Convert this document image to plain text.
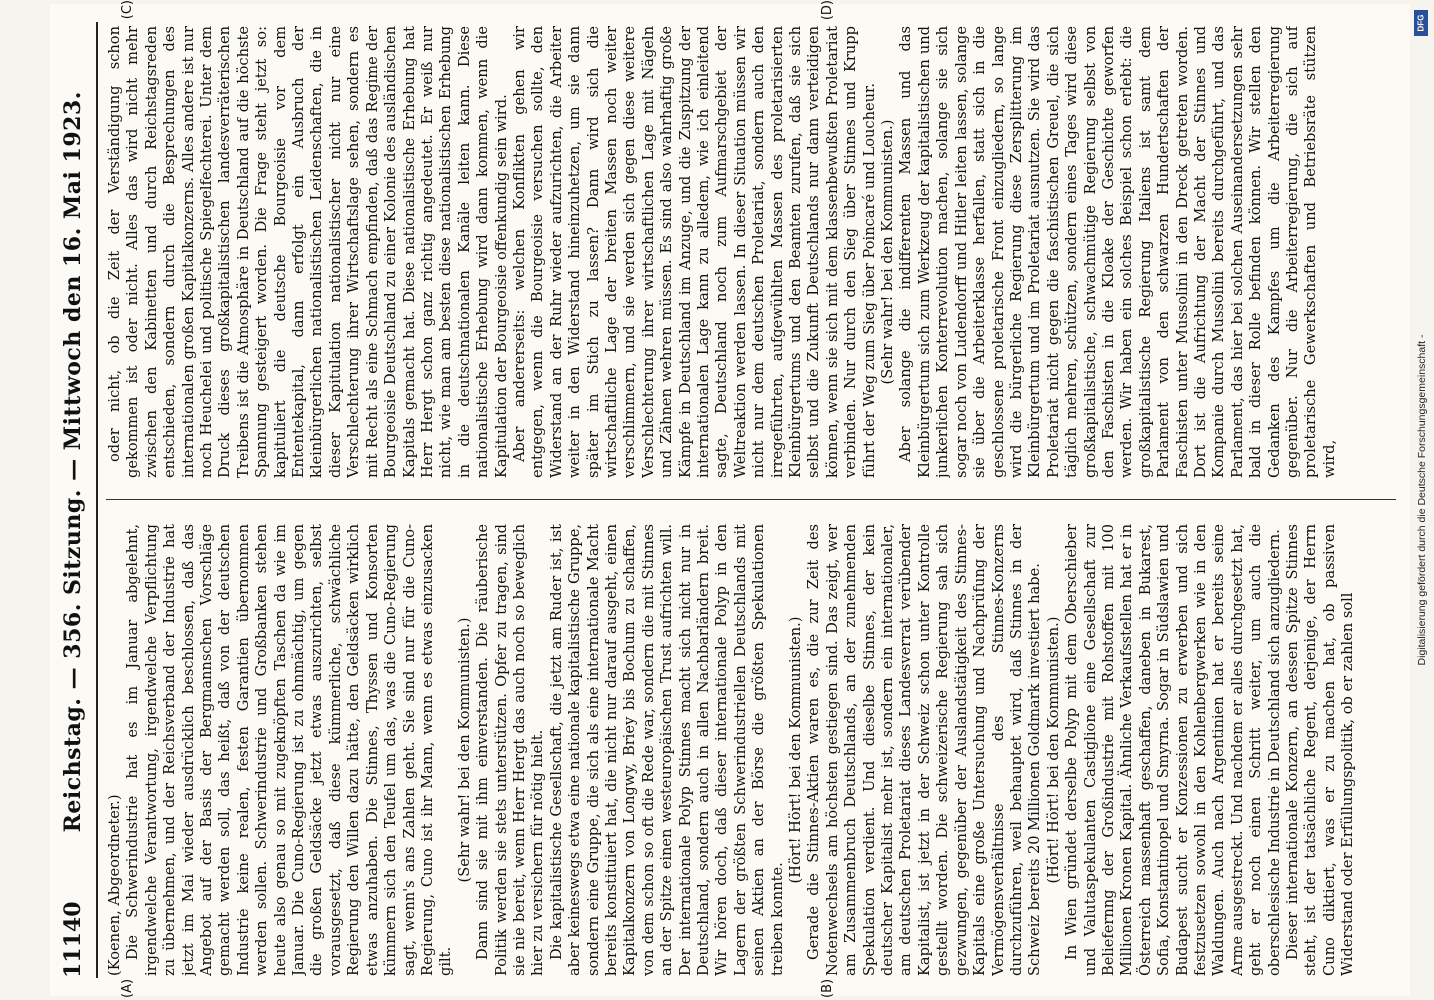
11140
Reichstag. — 356. Sitzung. — Mittwoch den 16. Mai 1923.
(A)	(B)
(C)	(D)

(Koenen, Abgeordneter.) Die Schwerindustrie hat es im Januar abgelehnt, irgendwelche Verantwortung, irgendwelche Verpflichtung zu übernehmen, und der Reichsverband der Industrie hat jetzt im Mai wieder ausdrücklich beschlossen, daß das Angebot auf der Basis der Bergmannschen Vorschläge gemacht werden soll, das heißt, daß von der deutschen Industrie keine realen, festen Garantien übernommen werden sollen. Schwerindustrie und Großbanken stehen heute also genau so mit zugeknöpften Taschen da wie im Januar. Die Cuno-Regierung ist zu ohnmächtig, um gegen die großen Geldsäcke jetzt etwas auszurichten, selbst vorausgesetzt, daß diese kümmerliche, schwächliche Regierung den Willen dazu hätte, den Geldsäcken wirklich etwas anzuhaben. Die Stinnes, Thyssen und Konsorten kümmern sich den Teufel um das, was die Cuno-Regierung sagt, wenn's ans Zahlen geht. Sie sind nur für die Cuno-Regierung, Cuno ist ihr Mann, wenn es etwas einzusacken gilt.

(Sehr wahr! bei den Kommunisten.) Dann sind sie mit ihm einverstanden. Die räuberische Politik werden sie stets unterstützen. Opfer zu tragen, sind sie nie bereit, wenn Herr Hergt das auch noch so beweglich hier zu versichern für nötig hielt. Die kapitalistische Gesellschaft, die jetzt am Ruder ist, ist aber keineswegs etwa eine nationale kapitalistische Gruppe, sondern eine Gruppe, die sich als eine internationale Macht bereits konstituiert hat, die nicht nur darauf ausgeht, einen Kapitalkonzern von Longwy, Briey bis Bochum zu schaffen, von dem schon so oft die Rede war, sondern die mit Stinnes an der Spitze einen westeuropäischen Trust aufrichten will. Der internationale Polyp Stinnes macht sich nicht nur in Deutschland, sondern auch in allen Nachbarländern breit. Wir hören doch, daß dieser internationale Polyp in den Lagern der größten Schwerindustriellen Deutschlands mit seinen Aktien an der Börse die größten Spekulationen treiben konnte.

(Hört! Hört! bei den Kommunisten.) Gerade die Stinnes-Aktien waren es, die zur Zeit des Notenwechsels am höchsten gestiegen sind. Das zeigt, wer am Zusammenbruch Deutschlands, an der zunehmenden Spekulation verdient. Und dieselbe Stinnes, der kein deutscher Kapitalist mehr ist, sondern ein internationaler, am deutschen Proletariat dieses Landesverrat verübender Kapitalist, ist jetzt in der Schweiz schon unter Kontrolle gestellt worden. Die schweizerische Regierung sah sich gezwungen, gegenüber der Auslandstätigkeit des Stinnes-Kapitals eine große Untersuchung und Nachprüfung der Vermögensverhältnisse des Stinnes-Konzerns durchzuführen, weil behauptet wird, daß Stinnes in der Schweiz bereits 20 Millionen Goldmark investiert habe. (Hört! Hört! bei den Kommunisten.) In Wien gründet derselbe Polyp mit dem Oberschieber und Valutaspekulanten Castiglione eine Gesellschaft zur Beliefernng der Großindustrie mit Rohstoffen mit 100 Millionen Kronen Kapital. Ähnliche Verkaufsstellen hat er in Österreich massenhaft geschaffen, daneben in Bukarest, Sofia, Konstantinopel und Smyrna. Sogar in Südslawien und Budapest sucht er Konzessionen zu erwerben und sich festzusetzen sowohl in den Kohlenbergwerken wie in den Waldungen. Auch nach Argentinien hat er bereits seine Arme ausgestreckt. Und nachdem er alles durchgesetzt hat, geht er noch einen Schritt weiter, um auch die oberschlesische Industrie in Deutschland sich anzugliedern. Dieser internationale Konzern, an dessen Spitze Stinnes steht, ist der tatsächliche Regent, derjenige, der Herrn Cuno diktiert, was er zu machen hat, ob passiven Widerstand oder Erfüllungspolitik, ob er zahlen soll

oder nicht, ob die Zeit der Verständigung schon gekommen ist oder nicht. Alles das wird nicht mehr zwischen den Kabinetten und durch Reichstagsreden entschieden, sondern durch die Besprechungen des internationalen großen Kapitalkonzerns. Alles andere ist nur noch Heuchelei und politische Spiegelfechterei. Unter dem Druck dieses großkapitalistischen landesverräterischen Treibens ist die Atmosphäre in Deutschland auf die höchste Spannung gesteigert worden. Die Frage steht jetzt so: kapituliert die deutsche Bourgeoisie vor dem Ententekapital, dann erfolgt ein Ausbruch der kleinbürgerlichen nationalistischen Leidenschaften, die in dieser Kapitulation nationalistischer nicht nur eine Verschlechterung ihrer Wirtschaftslage sehen, sondern es mit Recht als eine Schmach empfinden, daß das Regime der Bourgeoisie Deutschland zu einer Kolonie des ausländischen Kapitals gemacht hat. Diese nationalistische Erhebung hat Herr Hergt schon ganz richtig angedeutet. Er weiß nur nicht, wie man am besten diese nationalistischen Erhebung in die deutschnationalen Kanäle leiten kann. Diese nationalistische Erhebung wird dann kommen, wenn die Kapitulation der Bourgeoisie offenkundig sein wird. Aber andererseits: welchen Konflikten gehen wir entgegen, wenn die Bourgeoisie versuchen sollte, den Widerstand an der Ruhr wieder aufzurichten, die Arbeiter weiter in den Widerstand hineinzuhetzen, um sie dann später im Stich zu lassen? Dann wird sich die wirtschaftliche Lage der breiten Massen noch weiter verschlimmern, und sie werden sich gegen diese weitere Verschlechterung ihrer wirtschaftlichen Lage mit Nägeln und Zähnen wehren müssen. Es sind also wahrhaftig große Kämpfe in Deutschland im Anzuge, und die Zuspitzung der internationalen Lage kann zu alledem, wie ich einleitend sagte, Deutschland noch zum Aufmarschgebiet der Weltreaktion werden lassen. In dieser Situation müssen wir nicht nur dem deutschen Proletariat, sondern auch den irregeführten, aufgewühlten Massen des proletarisierten Kleinbürgertums und den Beamten zurufen, daß sie sich selbst und die Zukunft Deutschlands nur dann verteidigen können, wenn sie sich mit dem klassenbewußten Proletariat verbinden. Nur durch den Sieg über Stinnes und Krupp führt der Weg zum Sieg über Poincaré und Loucheur. (Sehr wahr! bei den Kommunisten.) Aber solange die indifferenten Massen und das Kleinbürgertum sich zum Werkzeug der kapitalistischen und junkerlichen Konterrevolution machen, solange sie sich sogar noch von Ludendorff und Hitler leiten lassen, solange sie über die Arbeiterklasse herfallen, statt sich in die geschlossene proletarische Front einzugliedern, so lange wird die bürgerliche Regierung diese Zersplitterung im Kleinbürgertum und im Proletariat ausnutzen. Sie wird das Proletariat nicht gegen die faschistischen Greuel, die sich täglich mehren, schützen, sondern eines Tages wird diese großkapitalistische, schwachmütige Regierung selbst von den Faschisten in die Kloake der Geschichte geworfen werden. Wir haben ein solches Beispiel schon erlebt: die großkapitalistische Regierung Italiens ist samt dem Parlament von den schwarzen Hundertschaften der Faschisten unter Mussolini in den Dreck getreten worden. Dort ist die Aufrichtung der Macht der Stinnes und Kompanie durch Mussolini bereits durchgeführt, und das Parlament, das hier bei solchen Auseinandersetzungen sehr bald in dieser Rolle befinden können. Wir stellen den Gedanken des Kampfes um die Arbeiterregierung gegenüber. Nur die Arbeiterregierung, die sich auf proletarische Gewerkschaften und Betriebsräte stützen wird,

DFG
Digitalisierung gefördert durch die Deutsche Forschungsgemeinschaft -
